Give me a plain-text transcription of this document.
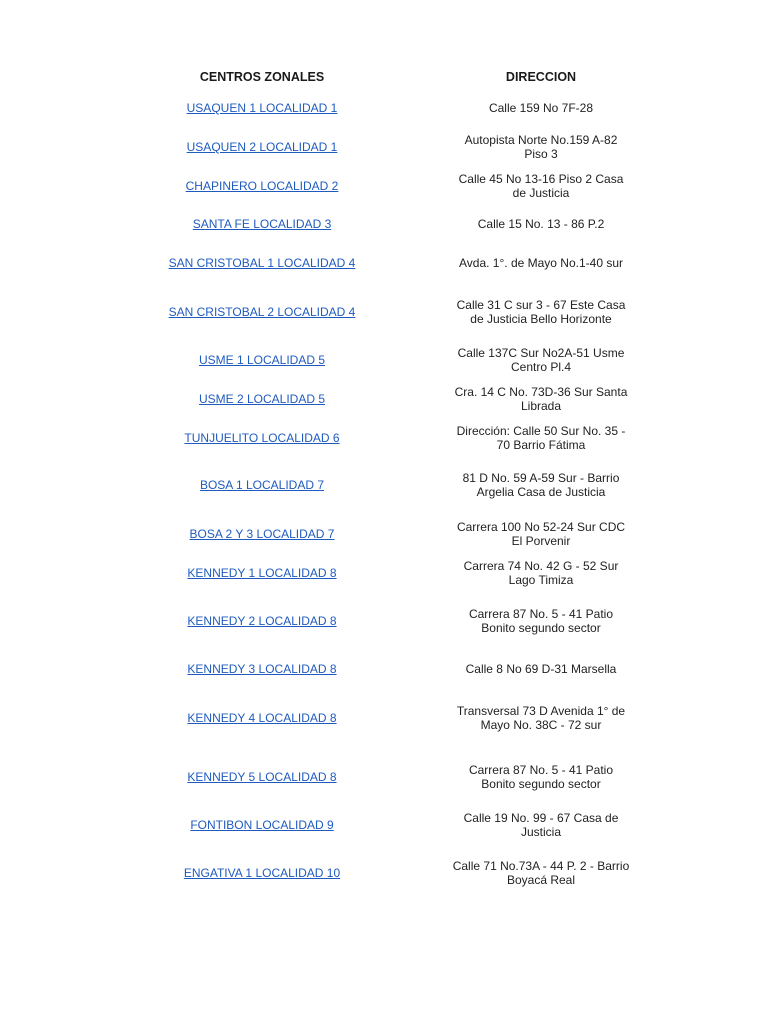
CENTROS ZONALES	DIRECCION
USAQUEN 1 LOCALIDAD 1	Calle 159 No 7F-28
USAQUEN 2 LOCALIDAD 1	Autopista Norte No.159 A-82 Piso 3
CHAPINERO LOCALIDAD 2	Calle 45 No 13-16 Piso 2 Casa de Justicia
SANTA FE LOCALIDAD 3	Calle 15 No. 13 - 86 P.2
SAN CRISTOBAL 1 LOCALIDAD 4	Avda. 1°. de Mayo No.1-40 sur
SAN CRISTOBAL 2 LOCALIDAD 4	Calle 31 C sur 3 - 67 Este Casa de Justicia Bello Horizonte
USME 1 LOCALIDAD 5	Calle 137C Sur No2A-51 Usme Centro Pl.4
USME 2 LOCALIDAD 5	Cra. 14 C No. 73D-36 Sur Santa Librada
TUNJUELITO LOCALIDAD 6	Dirección: Calle 50 Sur No. 35 - 70 Barrio Fátima
BOSA 1 LOCALIDAD 7	81 D No. 59 A-59 Sur - Barrio Argelia Casa de Justicia
BOSA 2 Y 3 LOCALIDAD 7	Carrera 100 No 52-24 Sur CDC El Porvenir
KENNEDY 1 LOCALIDAD 8	Carrera 74 No. 42 G - 52 Sur Lago Timiza
KENNEDY 2 LOCALIDAD 8	Carrera 87 No. 5 - 41 Patio Bonito segundo sector
KENNEDY 3 LOCALIDAD 8	Calle 8 No 69 D-31 Marsella
KENNEDY 4 LOCALIDAD 8	Transversal 73 D Avenida 1° de Mayo No. 38C - 72 sur
KENNEDY 5 LOCALIDAD 8	Carrera 87 No. 5 - 41 Patio Bonito segundo sector
FONTIBON LOCALIDAD 9	Calle 19 No. 99 - 67 Casa de Justicia
ENGATIVA 1 LOCALIDAD 10	Calle 71 No.73A - 44 P. 2 - Barrio Boyacá Real
